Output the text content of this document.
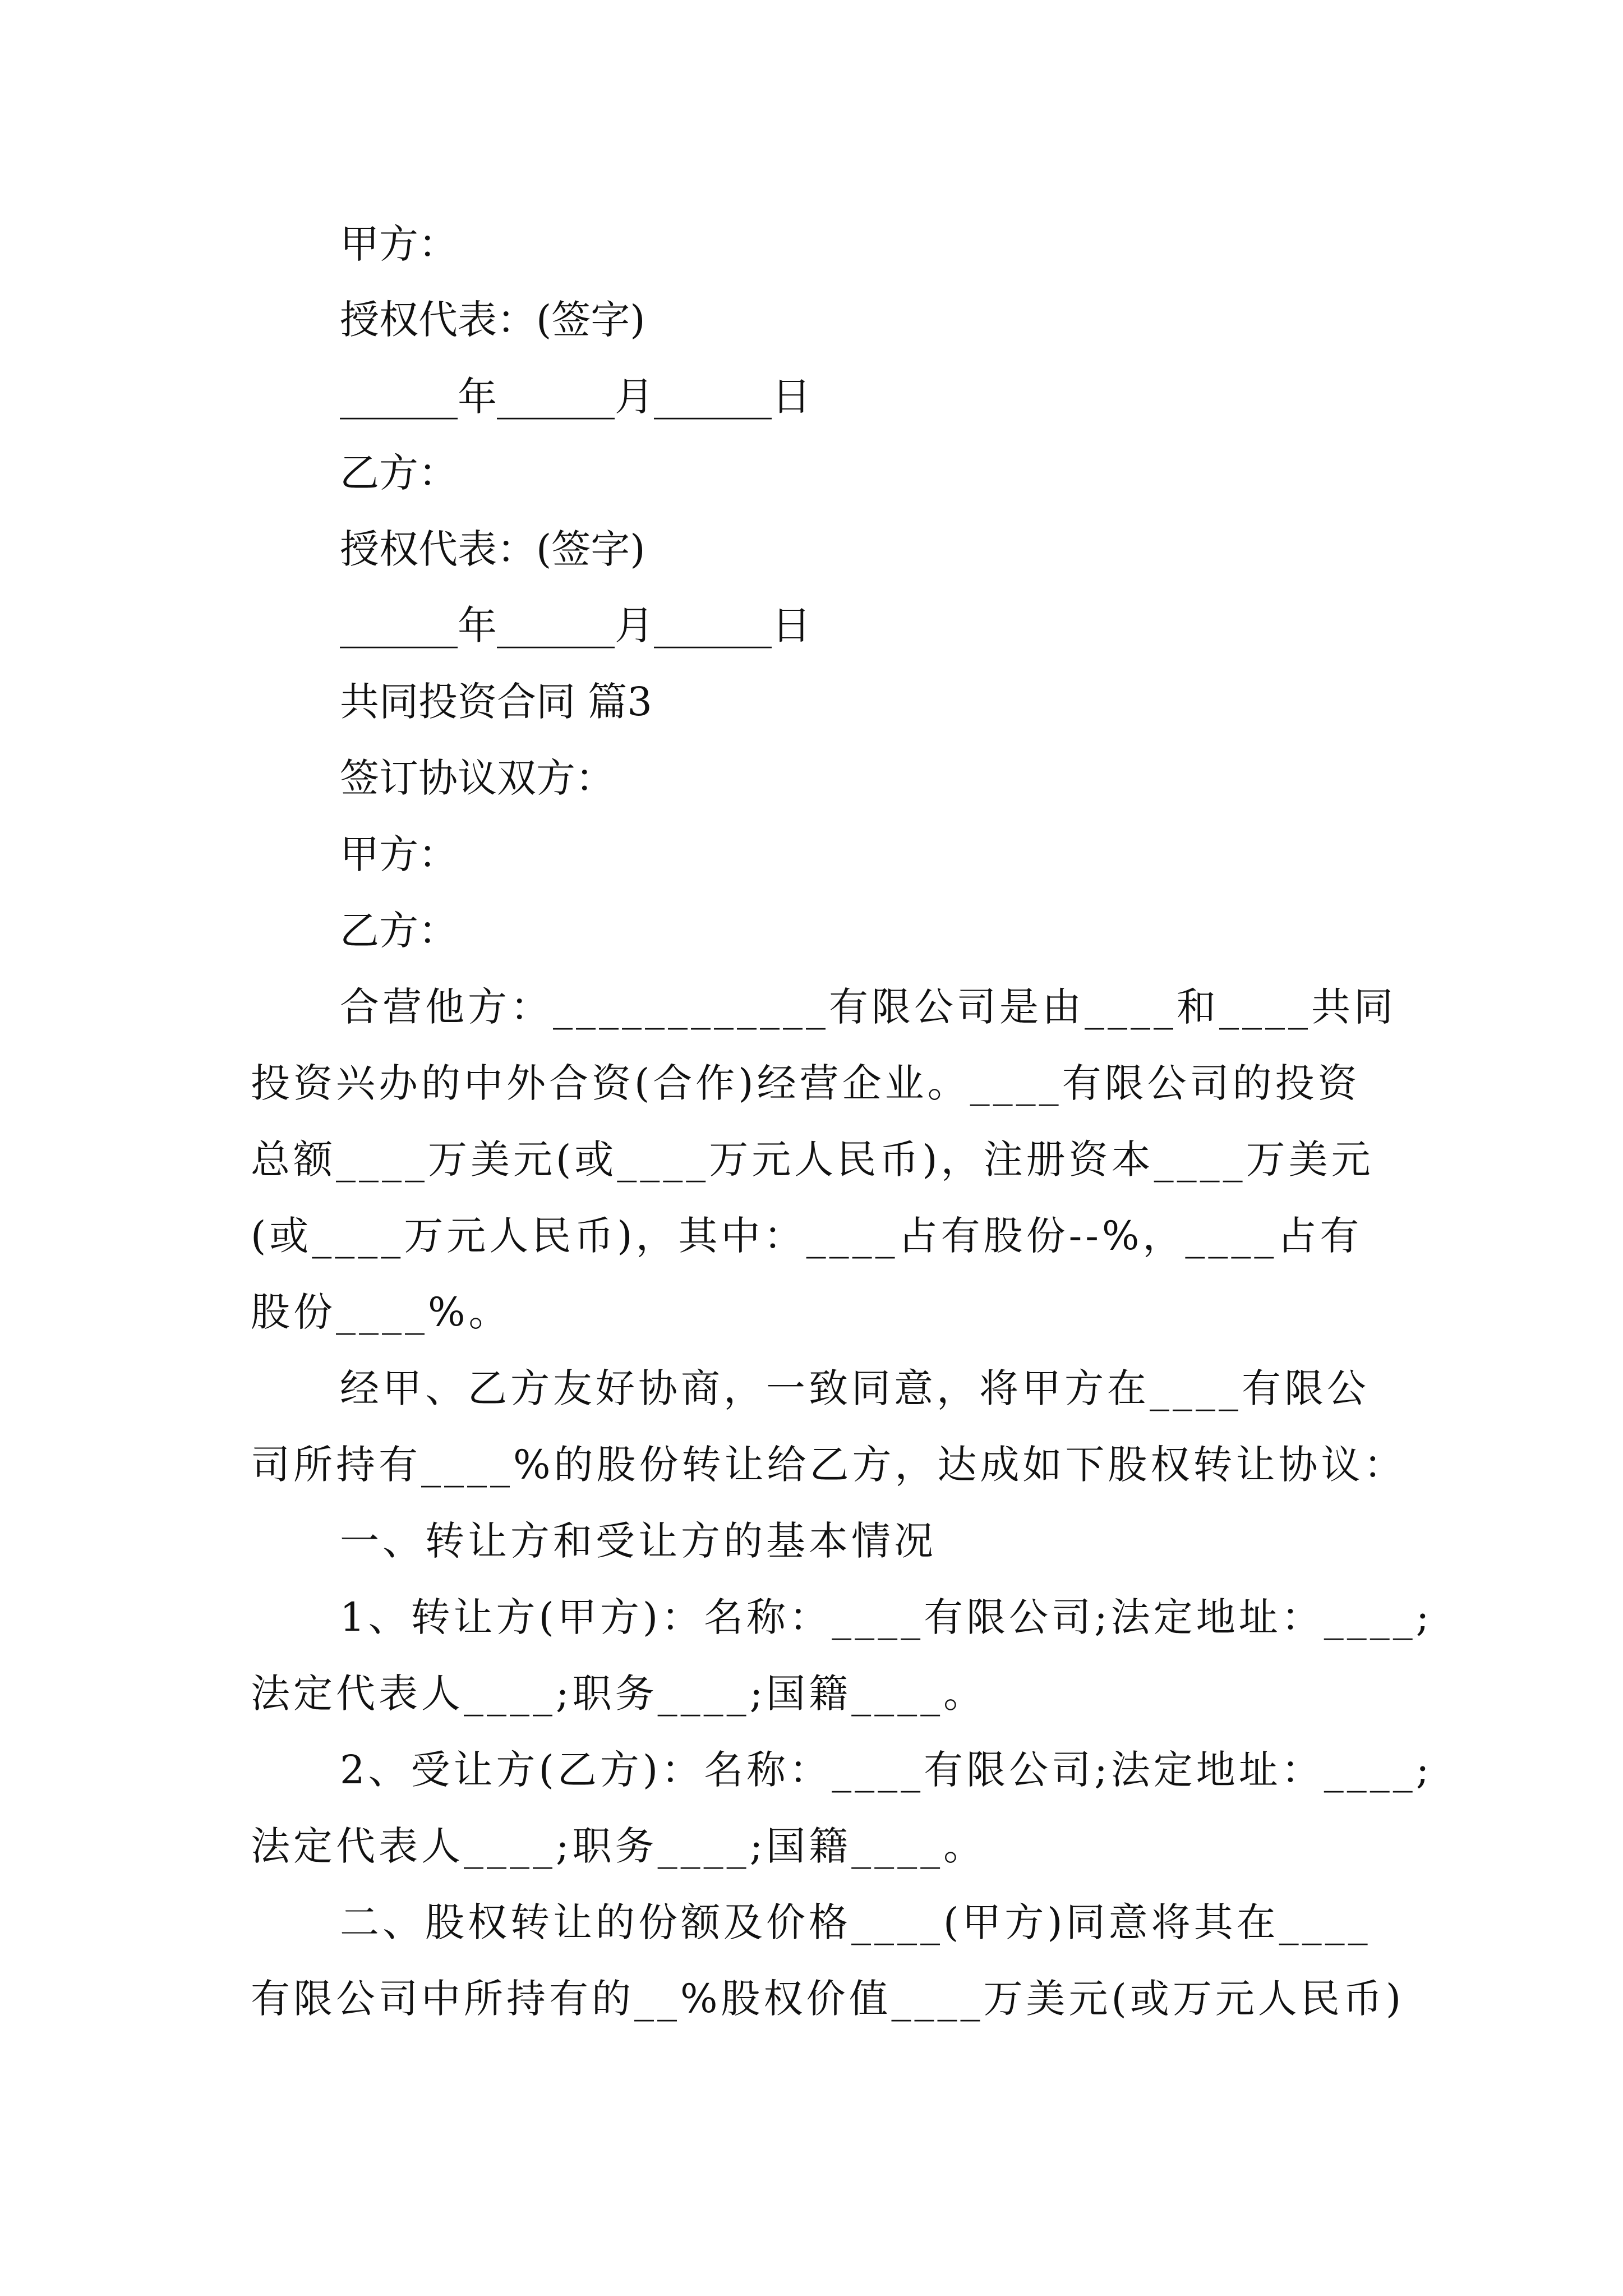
甲方：
授权代表：(签字)
______年______月______日
乙方：
授权代表：(签字)
______年______月______日
共同投资合同 篇3
签订协议双方：
甲方：
乙方：
合营他方：____________有限公司是由____和____共同
投资兴办的中外合资(合作)经营企业。____有限公司的投资
总额____万美元(或____万元人民币)，注册资本____万美元
(或____万元人民币)，其中：____占有股份--%，____占有
股份____%。
经甲、乙方友好协商，一致同意，将甲方在____有限公
司所持有____%的股份转让给乙方，达成如下股权转让协议：
一、转让方和受让方的基本情况
1、转让方(甲方)：名称：____有限公司;法定地址：____;
法定代表人____;职务____;国籍____。
2、受让方(乙方)：名称：____有限公司;法定地址：____;
法定代表人____;职务____;国籍____。
二、股权转让的份额及价格____(甲方)同意将其在____
有限公司中所持有的__%股权价值____万美元(或万元人民币)
